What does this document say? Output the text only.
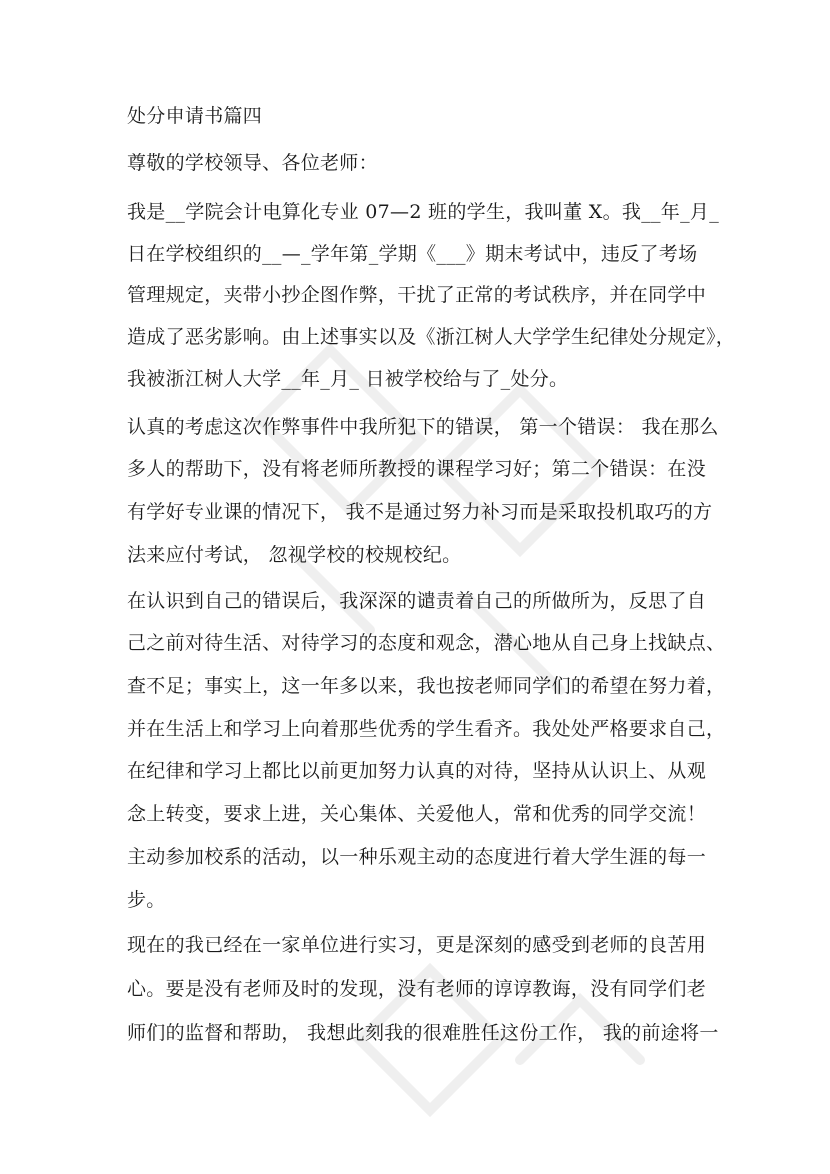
处分申请书篇四
尊敬的学校领导、各位老师：
我是__学院会计电算化专业 07—2 班的学生，我叫董 X。我__年_月_
日在学校组织的__—_学年第_学期《___》期末考试中，违反了考场
管理规定，夹带小抄企图作弊，干扰了正常的考试秩序，并在同学中
造成了恶劣影响。由上述事实以及《浙江树人大学学生纪律处分规定》，
我被浙江树人大学__年_月_ 日被学校给与了_处分。
认真的考虑这次作弊事件中我所犯下的错误， 第一个错误： 我在那么
多人的帮助下，没有将老师所教授的课程学习好；第二个错误：在没
有学好专业课的情况下， 我不是通过努力补习而是采取投机取巧的方
法来应付考试， 忽视学校的校规校纪。
在认识到自己的错误后，我深深的谴责着自己的所做所为，反思了自
己之前对待生活、对待学习的态度和观念，潜心地从自己身上找缺点、
查不足；事实上，这一年多以来，我也按老师同学们的希望在努力着，
并在生活上和学习上向着那些优秀的学生看齐。我处处严格要求自己，
在纪律和学习上都比以前更加努力认真的对待，坚持从认识上、从观
念上转变，要求上进，关心集体、关爱他人，常和优秀的同学交流！
主动参加校系的活动，以一种乐观主动的态度进行着大学生涯的每一
步。
现在的我已经在一家单位进行实习，更是深刻的感受到老师的良苦用
心。要是没有老师及时的发现，没有老师的谆谆教诲，没有同学们老
师们的监督和帮助， 我想此刻我的很难胜任这份工作， 我的前途将一
